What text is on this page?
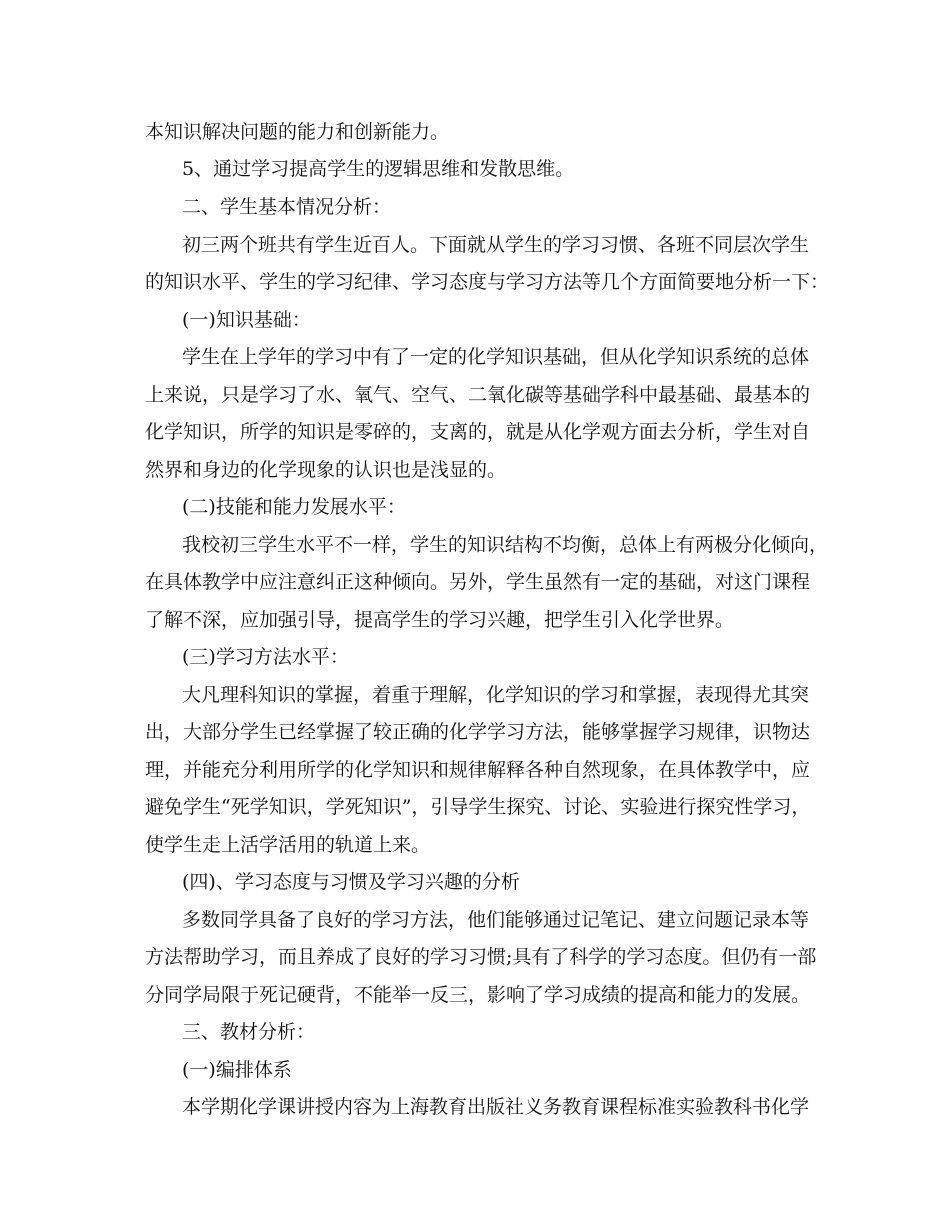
本知识解决问题的能力和创新能力。
5、通过学习提高学生的逻辑思维和发散思维。
二、学生基本情况分析：
初三两个班共有学生近百人。下面就从学生的学习习惯、各班不同层次学生
的知识水平、学生的学习纪律、学习态度与学习方法等几个方面简要地分析一下：
(一)知识基础：
学生在上学年的学习中有了一定的化学知识基础，但从化学知识系统的总体
上来说，只是学习了水、氧气、空气、二氧化碳等基础学科中最基础、最基本的
化学知识，所学的知识是零碎的，支离的，就是从化学观方面去分析，学生对自
然界和身边的化学现象的认识也是浅显的。
(二)技能和能力发展水平：
我校初三学生水平不一样，学生的知识结构不均衡，总体上有两极分化倾向，
在具体教学中应注意纠正这种倾向。另外，学生虽然有一定的基础，对这门课程
了解不深，应加强引导，提高学生的学习兴趣，把学生引入化学世界。
(三)学习方法水平：
大凡理科知识的掌握，着重于理解，化学知识的学习和掌握，表现得尤其突
出，大部分学生已经掌握了较正确的化学学习方法，能够掌握学习规律，识物达
理，并能充分利用所学的化学知识和规律解释各种自然现象，在具体教学中，应
避免学生“死学知识，学死知识”，引导学生探究、讨论、实验进行探究性学习，
使学生走上活学活用的轨道上来。
(四)、学习态度与习惯及学习兴趣的分析
多数同学具备了良好的学习方法，他们能够通过记笔记、建立问题记录本等
方法帮助学习，而且养成了良好的学习习惯;具有了科学的学习态度。但仍有一部
分同学局限于死记硬背，不能举一反三，影响了学习成绩的提高和能力的发展。
三、教材分析：
(一)编排体系
本学期化学课讲授内容为上海教育出版社义务教育课程标准实验教科书化学
